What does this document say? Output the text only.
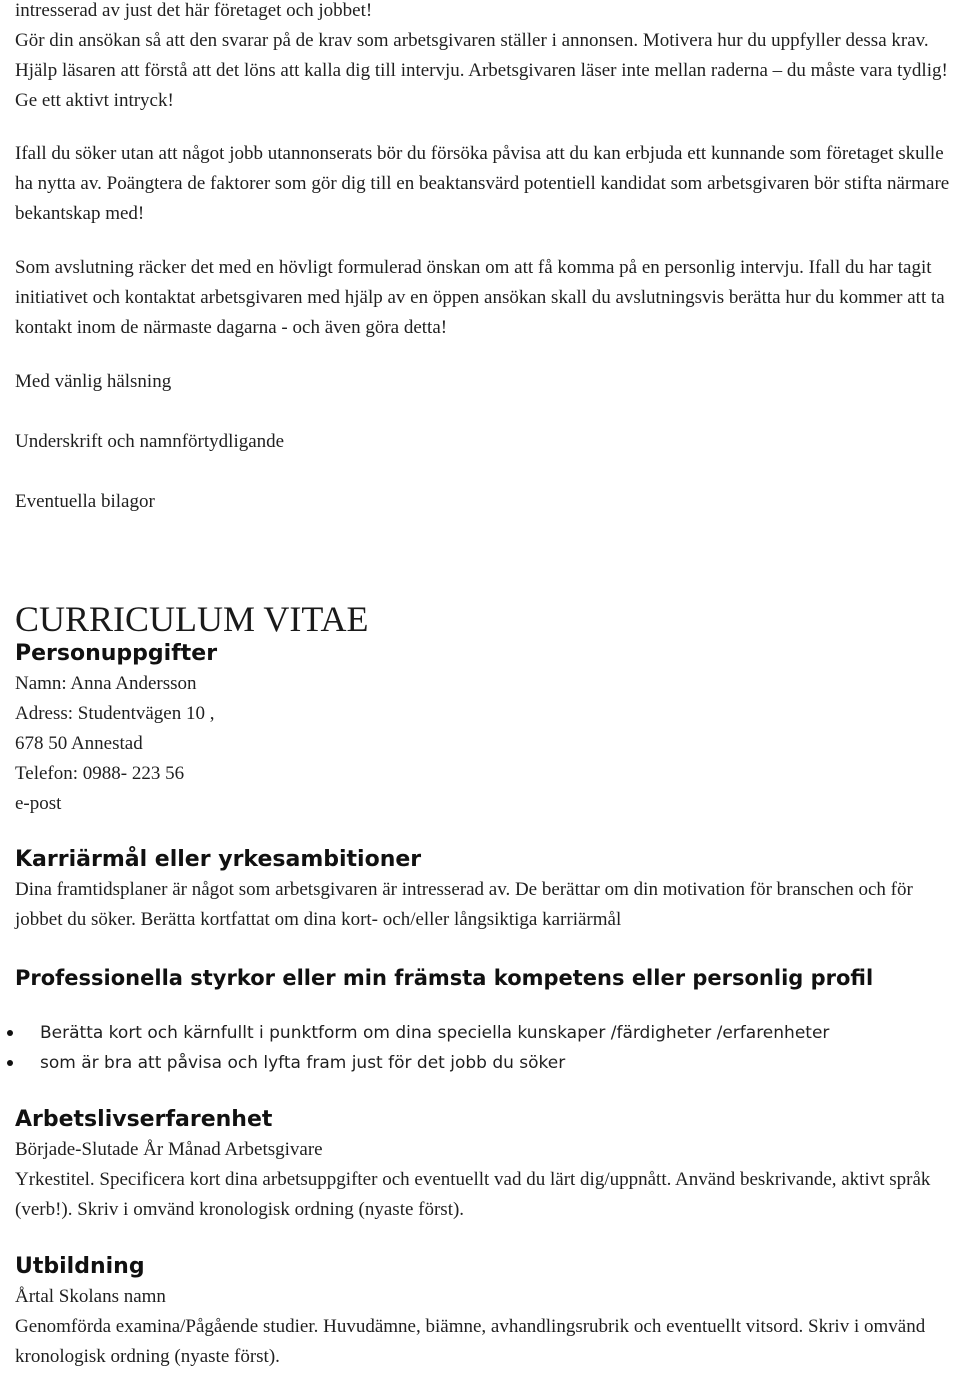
intresserad av just det här företaget och jobbet!

Gör din ansökan så att den svarar på de krav som arbetsgivaren ställer i annonsen. Motivera hur du uppfyller dessa krav. Hjälp läsaren att förstå att det löns att kalla dig till intervju. Arbetsgivaren läser inte mellan raderna – du måste vara tydlig! Ge ett aktivt intryck!

Ifall du söker utan att något jobb utannonserats bör du försöka påvisa att du kan erbjuda ett kunnande som företaget skulle ha nytta av. Poängtera de faktorer som gör dig till en beaktansvärd potentiell kandidat som arbetsgivaren bör stifta närmare bekantskap med!

Som avslutning räcker det med en hövligt formulerad önskan om att få komma på en personlig intervju. Ifall du har tagit initiativet och kontaktat arbetsgivaren med hjälp av en öppen ansökan skall du avslutningsvis berätta hur du kommer att ta kontakt inom de närmaste dagarna - och även göra detta!

Med vänlig hälsning

Underskrift och namnförtydligande

Eventuella bilagor

CURRICULUM VITAE
Personuppgifter

Namn: Anna Andersson

Adress: Studentvägen 10 ,

678 50 Annestad

Telefon: 0988- 223 56

e-post

Karriärmål eller yrkesambitioner

Dina framtidsplaner är något som arbetsgivaren är intresserad av. De berättar om din motivation för branschen och för jobbet du söker. Berätta kortfattat om dina kort- och/eller långsiktiga karriärmål

Professionella styrkor eller min främsta kompetens eller personlig profil
Berätta kort och kärnfullt i punktform om dina speciella kunskaper /färdigheter /erfarenheter
som är bra att påvisa och lyfta fram just för det jobb du söker
Arbetslivserfarenhet

Började-Slutade År Månad Arbetsgivare

Yrkestitel. Specificera kort dina arbetsuppgifter och eventuellt vad du lärt dig/uppnått. Använd beskrivande, aktivt språk (verb!). Skriv i omvänd kronologisk ordning (nyaste först).

Utbildning

Årtal Skolans namn

Genomförda examina/Pågående studier. Huvudämne, biämne, avhandlingsrubrik och eventuellt vitsord. Skriv i omvänd kronologisk ordning (nyaste först).
